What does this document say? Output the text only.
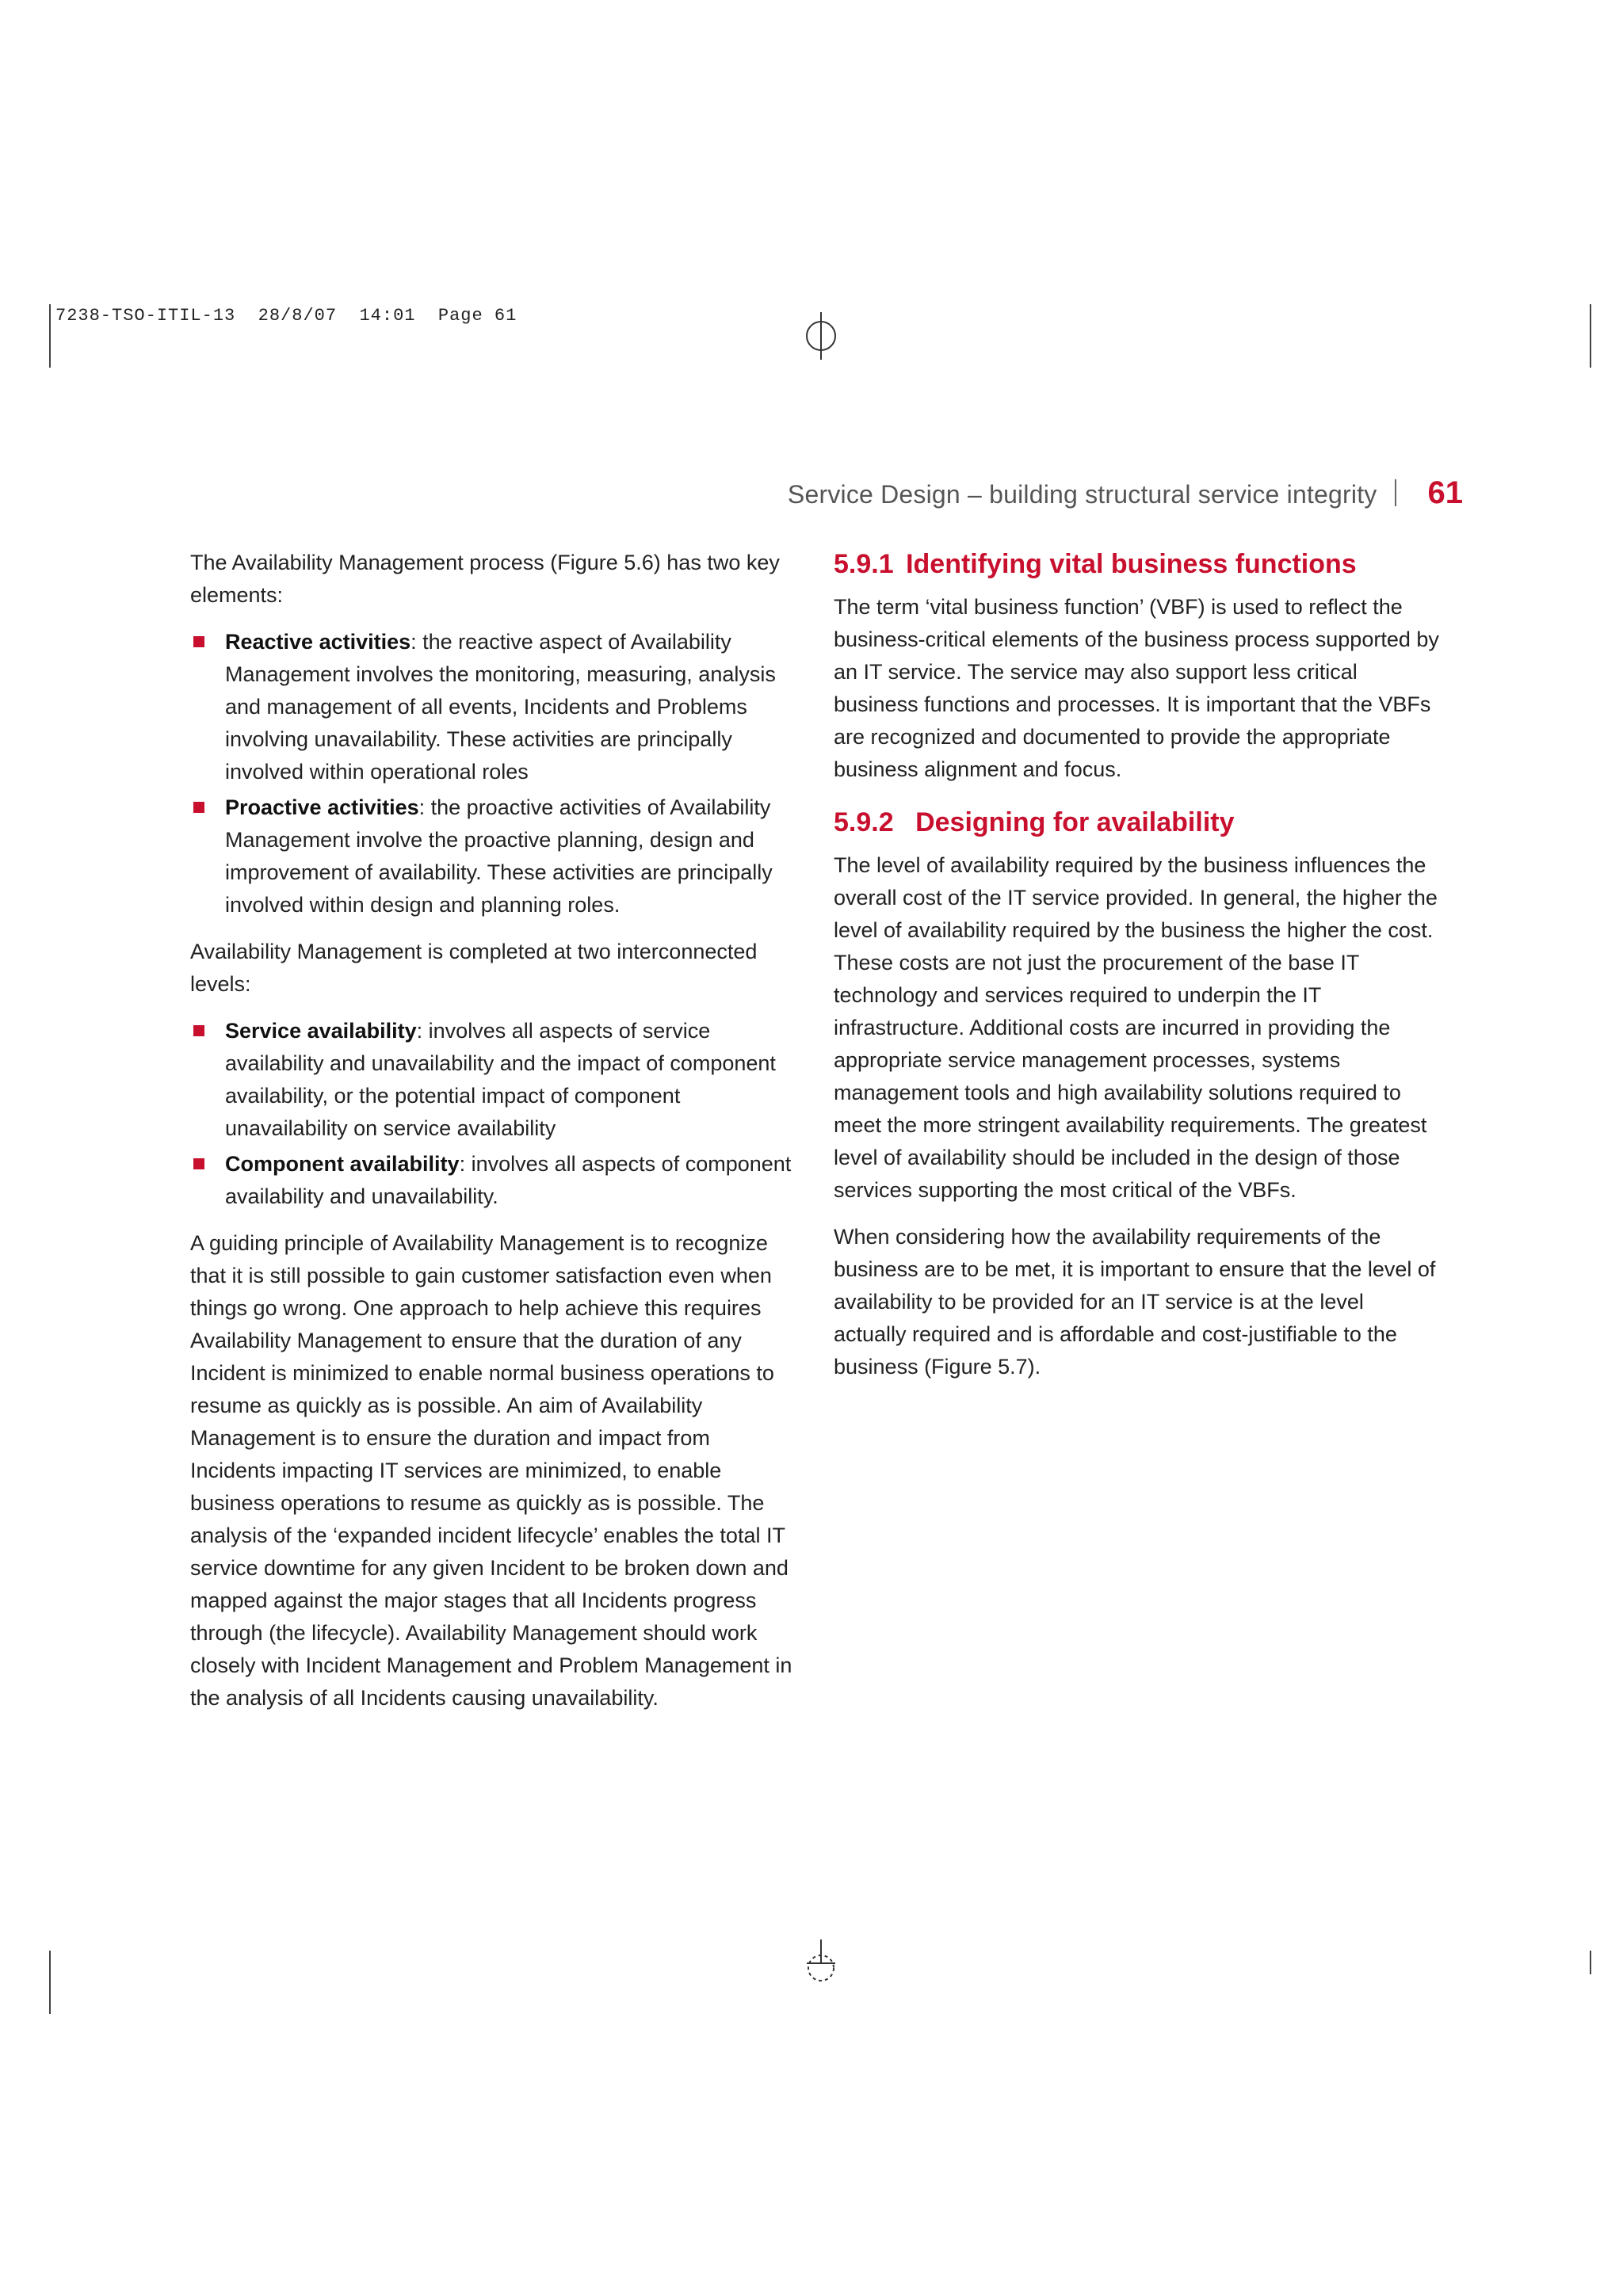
7238-TSO-ITIL-13  28/8/07  14:01  Page 61
Service Design – building structural service integrity 61

The Availability Management process (Figure 5.6) has two key elements:

Reactive activities: the reactive aspect of Availability Management involves the monitoring, measuring, analysis and management of all events, Incidents and Problems involving unavailability. These activities are principally involved within operational roles
Proactive activities: the proactive activities of Availability Management involve the proactive planning, design and improvement of availability. These activities are principally involved within design and planning roles.

Availability Management is completed at two interconnected levels:

Service availability: involves all aspects of service availability and unavailability and the impact of component availability, or the potential impact of component unavailability on service availability
Component availability: involves all aspects of component availability and unavailability.

A guiding principle of Availability Management is to recognize that it is still possible to gain customer satisfaction even when things go wrong. One approach to help achieve this requires Availability Management to ensure that the duration of any Incident is minimized to enable normal business operations to resume as quickly as is possible. An aim of Availability Management is to ensure the duration and impact from Incidents impacting IT services are minimized, to enable business operations to resume as quickly as is possible. The analysis of the ‘expanded incident lifecycle’ enables the total IT service downtime for any given Incident to be broken down and mapped against the major stages that all Incidents progress through (the lifecycle). Availability Management should work closely with Incident Management and Problem Management in the analysis of all Incidents causing unavailability.

5.9.1 Identifying vital business functions

The term ‘vital business function’ (VBF) is used to reflect the business-critical elements of the business process supported by an IT service. The service may also support less critical business functions and processes. It is important that the VBFs are recognized and documented to provide the appropriate business alignment and focus.

5.9.2 Designing for availability

The level of availability required by the business influences the overall cost of the IT service provided. In general, the higher the level of availability required by the business the higher the cost. These costs are not just the procurement of the base IT technology and services required to underpin the IT infrastructure. Additional costs are incurred in providing the appropriate service management processes, systems management tools and high availability solutions required to meet the more stringent availability requirements. The greatest level of availability should be included in the design of those services supporting the most critical of the VBFs.

When considering how the availability requirements of the business are to be met, it is important to ensure that the level of availability to be provided for an IT service is at the level actually required and is affordable and cost-justifiable to the business (Figure 5.7).
